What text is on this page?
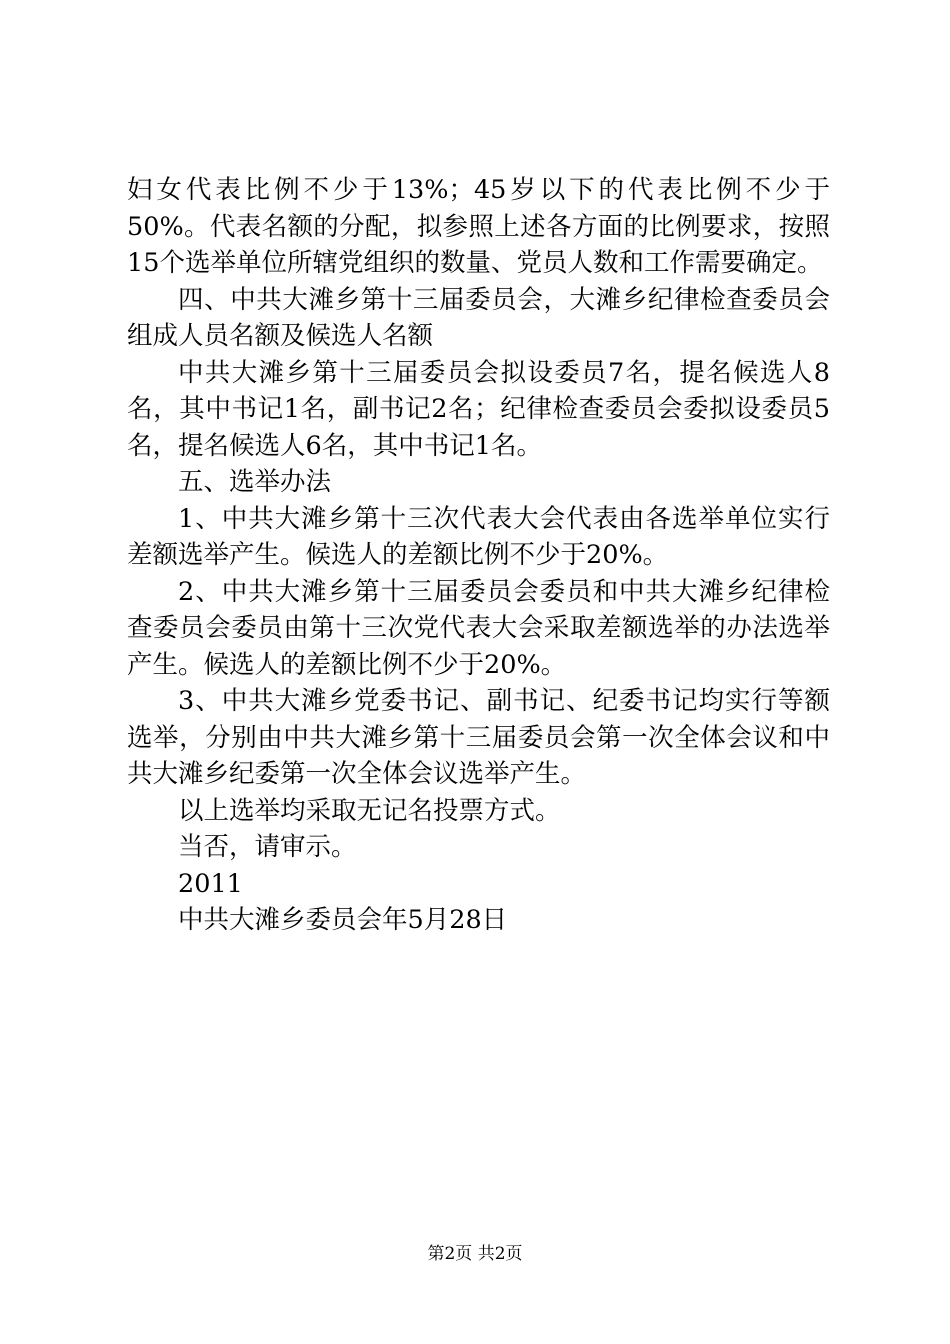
妇女代表比例不少于13%；45岁以下的代表比例不少于50%。代表名额的分配，拟参照上述各方面的比例要求，按照15个选举单位所辖党组织的数量、党员人数和工作需要确定。

四、中共大滩乡第十三届委员会，大滩乡纪律检查委员会组成人员名额及候选人名额

中共大滩乡第十三届委员会拟设委员7名，提名候选人8名，其中书记1名，副书记2名；纪律检查委员会委拟设委员5名，提名候选人6名，其中书记1名。

五、选举办法

1、中共大滩乡第十三次代表大会代表由各选举单位实行差额选举产生。候选人的差额比例不少于20%。

2、中共大滩乡第十三届委员会委员和中共大滩乡纪律检查委员会委员由第十三次党代表大会采取差额选举的办法选举产生。候选人的差额比例不少于20%。

3、中共大滩乡党委书记、副书记、纪委书记均实行等额选举，分别由中共大滩乡第十三届委员会第一次全体会议和中共大滩乡纪委第一次全体会议选举产生。

以上选举均采取无记名投票方式。

当否，请审示。

2011

中共大滩乡委员会年5月28日

第2页 共2页
